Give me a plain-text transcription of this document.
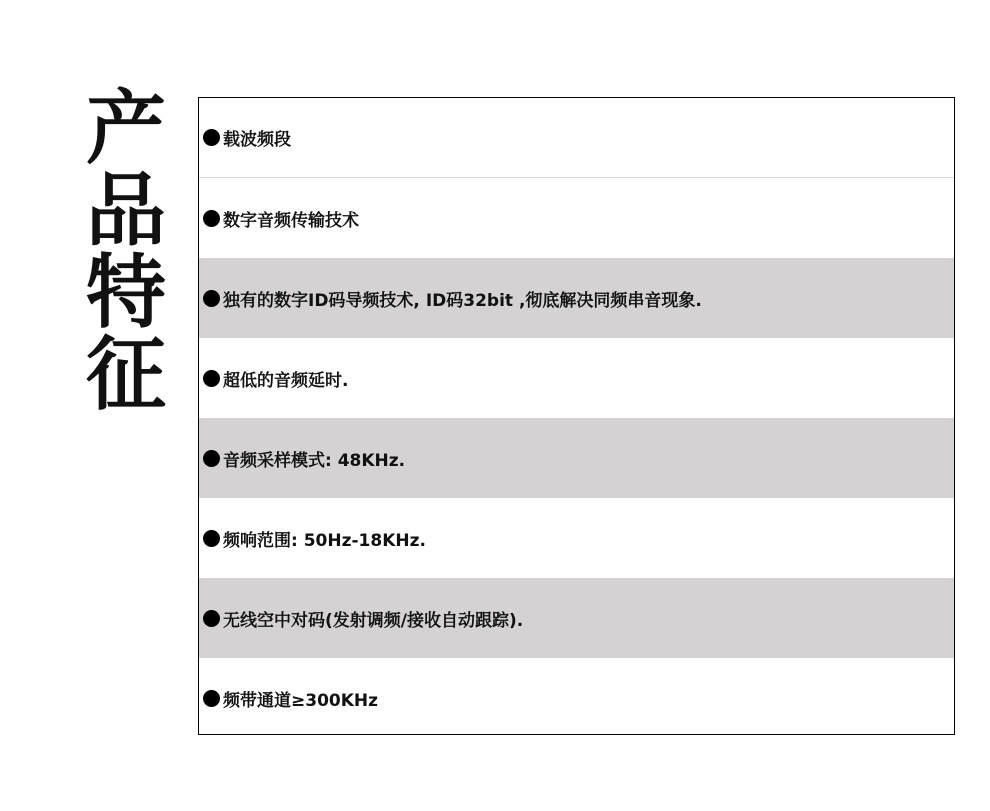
产
品
特
征
载波频段
数字音频传输技术
独有的数字ID码导频技术, ID码32bit ,彻底解决同频串音现象.
超低的音频延时.
音频采样模式: 48KHz.
频响范围: 50Hz-18KHz.
无线空中对码(发射调频/接收自动跟踪).
频带通道≥300KHz
